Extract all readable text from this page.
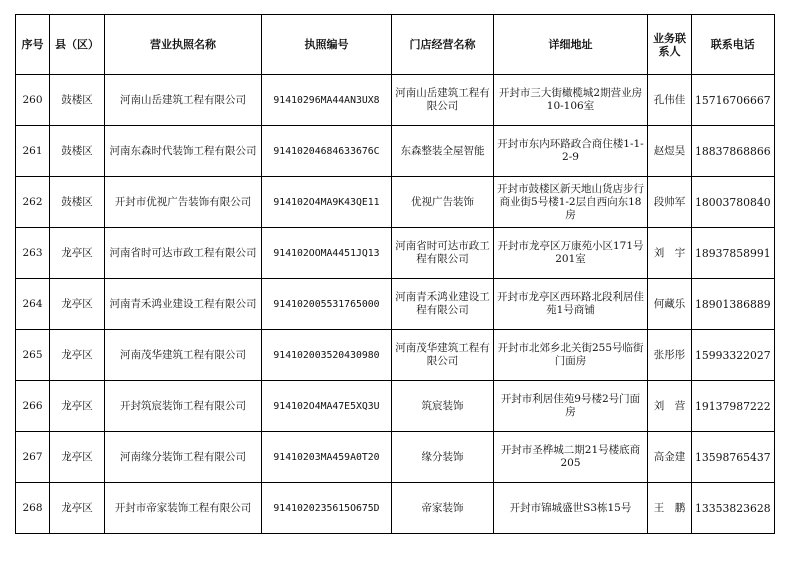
序号	县（区）	营业执照名称	执照编号	门店经营名称	详细地址	业务联系人	联系电话
260	鼓楼区	河南山岳建筑工程有限公司	91410296MA44AN3UX8	河南山岳建筑工程有限公司	开封市三大街橄榄城2期营业房10-106室	孔伟佳	15716706667
261	鼓楼区	河南东森时代装饰工程有限公司	91410204684633676C	东森整装全屋智能	开封市东内环路政合商住楼1-1-2-9	赵煜昊	18837868866
262	鼓楼区	开封市优视广告装饰有限公司	914102O4MA9K43QE11	优视广告装饰	开封市鼓楼区新天地山货店步行商业街5号楼1-2层自西向东18房	段帅军	18003780840
263	龙亭区	河南省时可达市政工程有限公司	914102OOMA4451JQ13	河南省时可达市政工程有限公司	开封市龙亭区万康苑小区171号201室	刘　宇	18937858991
264	龙亭区	河南青禾鸿业建设工程有限公司	914102005531765000	河南青禾鸿业建设工程有限公司	开封市龙亭区西环路北段利居佳苑1号商铺	何藏乐	18901386889
265	龙亭区	河南茂华建筑工程有限公司	914102003520430980	河南茂华建筑工程有限公司	开封市北郊乡北关街255号临街门面房	张彤彤	15993322027
266	龙亭区	开封筑宸装饰工程有限公司	914102O4MA47E5XQ3U	筑宸装饰	开封市利居佳苑9号楼2号门面房	刘　营	19137987222
267	龙亭区	河南缘分装饰工程有限公司	91410203MA459A0T20	缘分装饰	开封市圣桦城二期21号楼底商205	高金建	13598765437
268	龙亭区	开封市帝家装饰工程有限公司	9141020235615O675D	帝家装饰	开封市锦城盛世S3栋15号	王　鹏	13353823628
